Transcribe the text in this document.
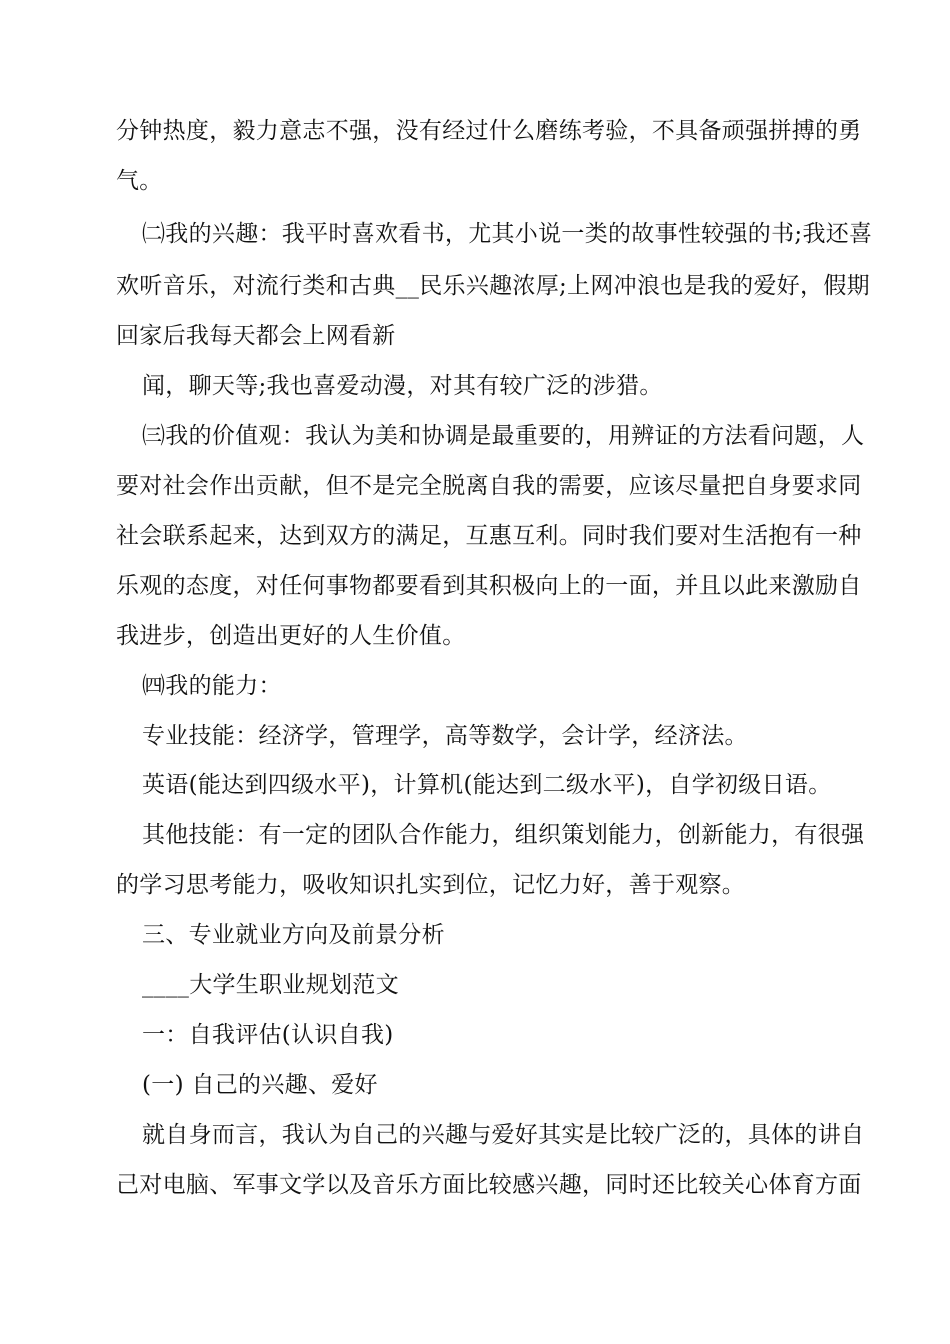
分钟热度，毅力意志不强，没有经过什么磨练考验，不具备顽强拼搏的勇
气。
㈡我的兴趣：我平时喜欢看书，尤其小说一类的故事性较强的书;我还喜
欢听音乐，对流行类和古典__民乐兴趣浓厚;上网冲浪也是我的爱好，假期
回家后我每天都会上网看新
闻，聊天等;我也喜爱动漫，对其有较广泛的涉猎。
㈢我的价值观：我认为美和协调是最重要的，用辨证的方法看问题，人
要对社会作出贡献，但不是完全脱离自我的需要，应该尽量把自身要求同
社会联系起来，达到双方的满足，互惠互利。同时我们要对生活抱有一种
乐观的态度，对任何事物都要看到其积极向上的一面，并且以此来激励自
我进步，创造出更好的人生价值。
㈣我的能力：
专业技能：经济学，管理学，高等数学，会计学，经济法。
英语(能达到四级水平)，计算机(能达到二级水平)，自学初级日语。
其他技能：有一定的团队合作能力，组织策划能力，创新能力，有很强
的学习思考能力，吸收知识扎实到位，记忆力好，善于观察。
三、专业就业方向及前景分析
____大学生职业规划范文
一：自我评估(认识自我)
(一) 自己的兴趣、爱好
就自身而言，我认为自己的兴趣与爱好其实是比较广泛的，具体的讲自
己对电脑、军事文学以及音乐方面比较感兴趣，同时还比较关心体育方面
